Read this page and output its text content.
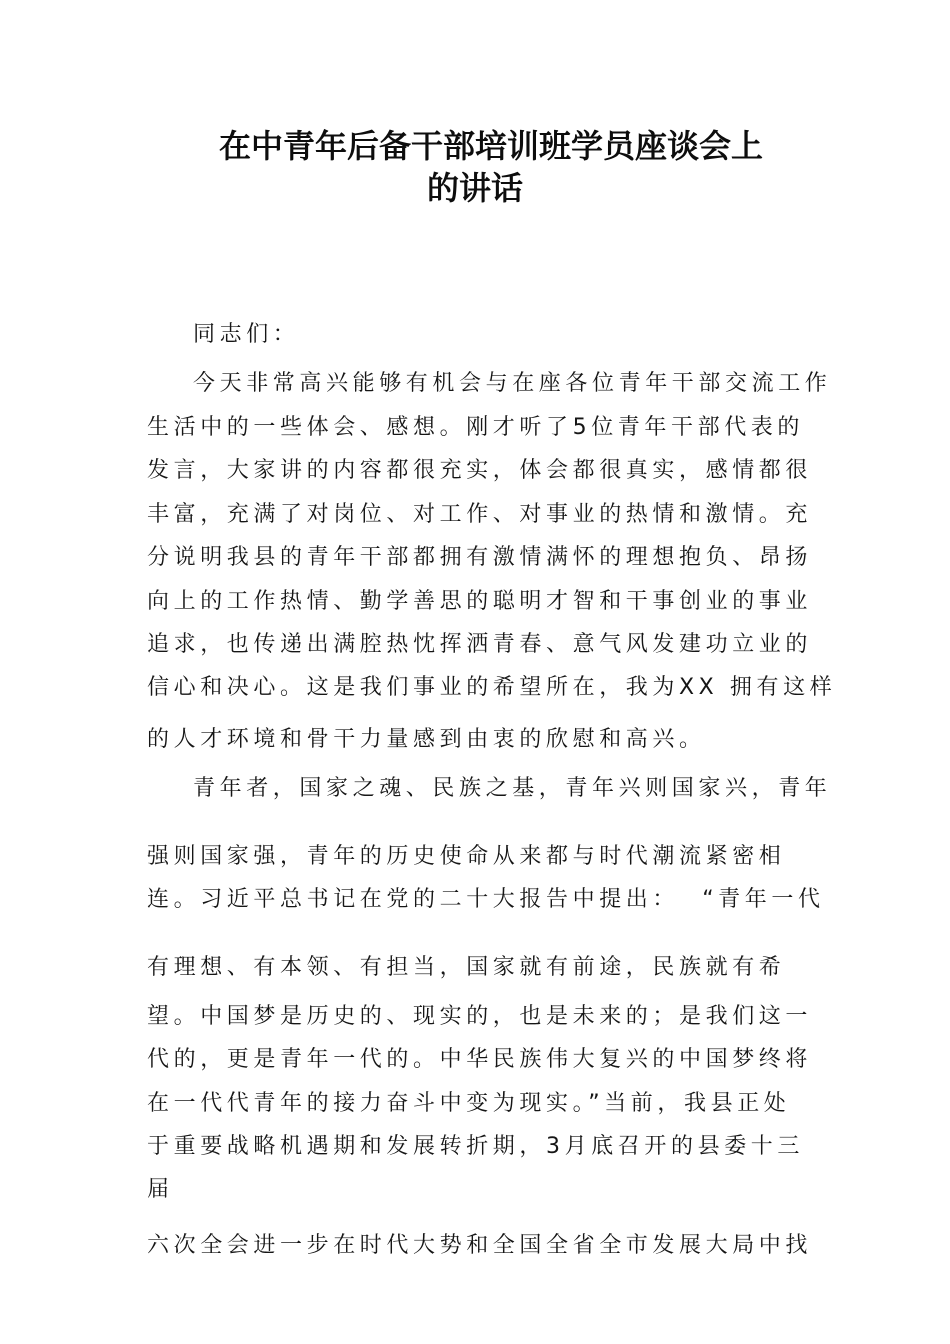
在中青年后备干部培训班学员座谈会上
的讲话
同志们：
今天非常高兴能够有机会与在座各位青年干部交流工作
生活中的一些体会、感想。刚才听了5位青年干部代表的
发言，大家讲的内容都很充实，体会都很真实，感情都很
丰富，充满了对岗位、对工作、对事业的热情和激情。充
分说明我县的青年干部都拥有激情满怀的理想抱负、昂扬
向上的工作热情、勤学善思的聪明才智和干事创业的事业
追求，也传递出满腔热忱挥洒青春、意气风发建功立业的
信心和决心。这是我们事业的希望所在，我为XX 拥有这样
的人才环境和骨干力量感到由衷的欣慰和高兴。
青年者，国家之魂、民族之基，青年兴则国家兴，青年
强则国家强，青年的历史使命从来都与时代潮流紧密相
连。习近平总书记在党的二十大报告中提出：  “青年一代
有理想、有本领、有担当，国家就有前途，民族就有希
望。中国梦是历史的、现实的，也是未来的；是我们这一
代的，更是青年一代的。中华民族伟大复兴的中国梦终将
在一代代青年的接力奋斗中变为现实。”当前，我县正处
于重要战略机遇期和发展转折期，3月底召开的县委十三
届
六次全会进一步在时代大势和全国全省全市发展大局中找
